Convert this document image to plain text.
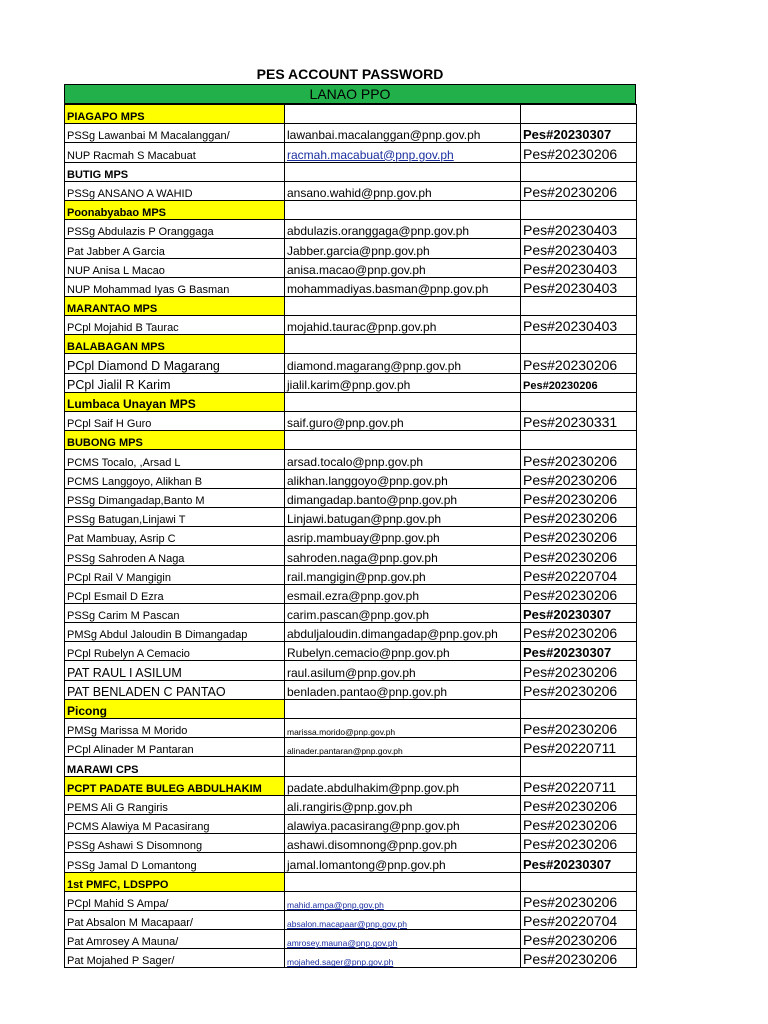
PES ACCOUNT PASSWORD
LANAO PPO
PIAGAPO MPS		
PSSg Lawanbai M Macalanggan/	lawanbai.macalanggan@pnp.gov.ph	Pes#20230307
NUP Racmah S Macabuat	racmah.macabuat@pnp.gov.ph	Pes#20230206
BUTIG MPS		
PSSg ANSANO A WAHID	ansano.wahid@pnp.gov.ph	Pes#20230206
Poonabyabao MPS		
PSSg Abdulazis P Oranggaga	abdulazis.oranggaga@pnp.gov.ph	Pes#20230403
Pat Jabber A Garcia	Jabber.garcia@pnp.gov.ph	Pes#20230403
NUP Anisa L Macao	anisa.macao@pnp.gov.ph	Pes#20230403
NUP Mohammad Iyas G Basman	mohammadiyas.basman@pnp.gov.ph	Pes#20230403
MARANTAO MPS		
PCpl Mojahid B Taurac	mojahid.taurac@pnp.gov.ph	Pes#20230403
BALABAGAN MPS		
PCpl Diamond D Magarang	diamond.magarang@pnp.gov.ph	Pes#20230206
PCpl Jialil R Karim	jialil.karim@pnp.gov.ph	Pes#20230206
Lumbaca Unayan MPS		
PCpl Saif H Guro	saif.guro@pnp.gov.ph	Pes#20230331
BUBONG MPS		
PCMS Tocalo, ,Arsad L	arsad.tocalo@pnp.gov.ph	Pes#20230206
PCMS Langgoyo, Alikhan B	alikhan.langgoyo@pnp.gov.ph	Pes#20230206
PSSg Dimangadap,Banto M	dimangadap.banto@pnp.gov.ph	Pes#20230206
PSSg Batugan,Linjawi T	Linjawi.batugan@pnp.gov.ph	Pes#20230206
Pat Mambuay, Asrip C	asrip.mambuay@pnp.gov.ph	Pes#20230206
PSSg Sahroden A Naga	sahroden.naga@pnp.gov.ph	Pes#20230206
PCpl Rail V Mangigin	rail.mangigin@pnp.gov.ph	Pes#20220704
PCpl Esmail D Ezra	esmail.ezra@pnp.gov.ph	Pes#20230206
PSSg Carim M Pascan	carim.pascan@pnp.gov.ph	Pes#20230307
PMSg Abdul Jaloudin B Dimangadap	abduljaloudin.dimangadap@pnp.gov.ph	Pes#20230206
PCpl Rubelyn A Cemacio	Rubelyn.cemacio@pnp.gov.ph	Pes#20230307
PAT RAUL I ASILUM	raul.asilum@pnp.gov.ph	Pes#20230206
PAT BENLADEN C PANTAO	benladen.pantao@pnp.gov.ph	Pes#20230206
Picong		
PMSg Marissa M Morido	marissa.morido@pnp.gov.ph	Pes#20230206
PCpl Alinader M Pantaran	alinader.pantaran@pnp.gov.ph	Pes#20220711
MARAWI CPS		
PCPT PADATE BULEG ABDULHAKIM	padate.abdulhakim@pnp.gov.ph	Pes#20220711
PEMS Ali G Rangiris	ali.rangiris@pnp.gov.ph	Pes#20230206
PCMS Alawiya M Pacasirang	alawiya.pacasirang@pnp.gov.ph	Pes#20230206
PSSg Ashawi S Disomnong	ashawi.disomnong@pnp.gov.ph	Pes#20230206
PSSg Jamal D Lomantong	jamal.lomantong@pnp.gov.ph	Pes#20230307
1st PMFC, LDSPPO		
PCpl Mahid S Ampa/	mahid.ampa@pnp.gov.ph	Pes#20230206
Pat Absalon M Macapaar/	absalon.macapaar@pnp.gov.ph	Pes#20220704
Pat Amrosey A Mauna/	amrosey.mauna@pnp.gov.ph	Pes#20230206
Pat Mojahed P Sager/	mojahed.sager@pnp.gov.ph	Pes#20230206
